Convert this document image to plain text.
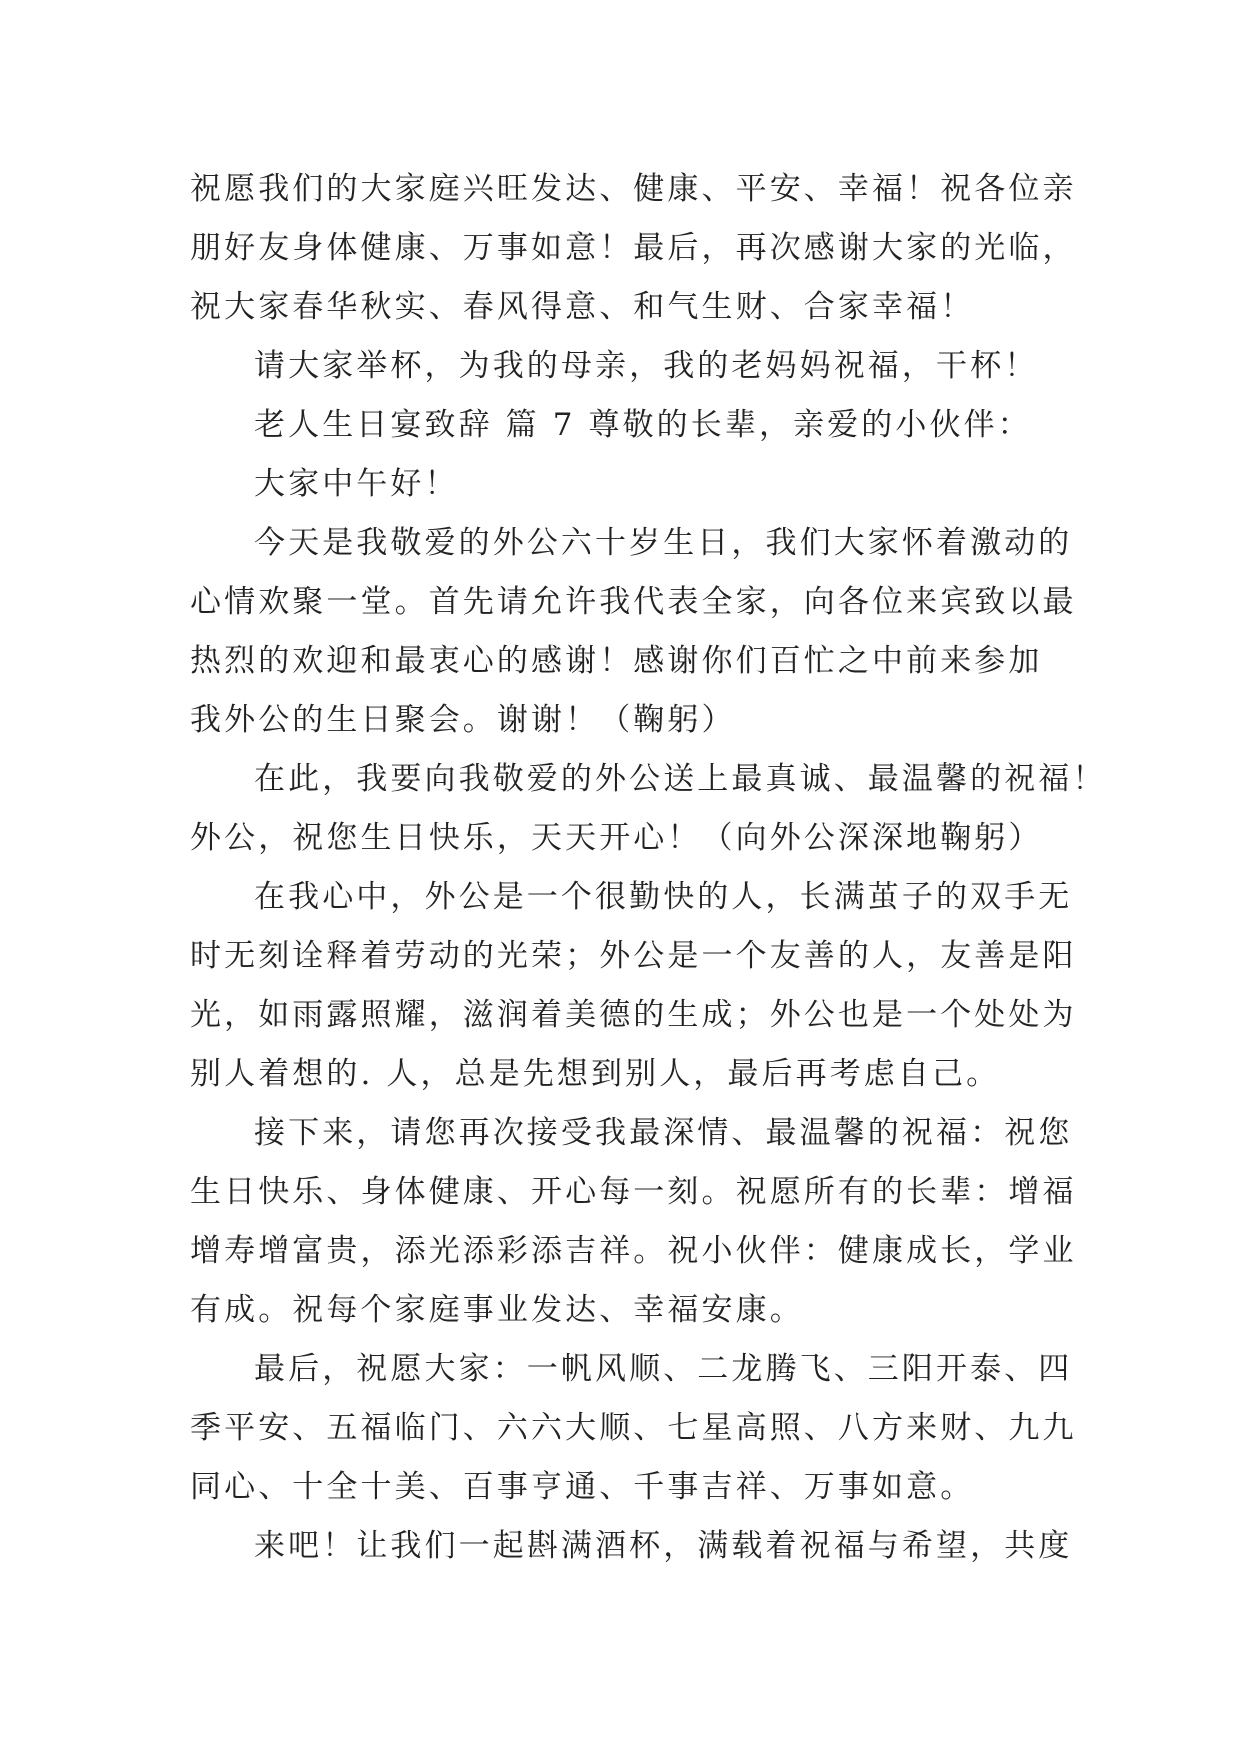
祝愿我们的大家庭兴旺发达、健康、平安、幸福！祝各位亲
朋好友身体健康、万事如意！最后，再次感谢大家的光临，
祝大家春华秋实、春风得意、和气生财、合家幸福！
请大家举杯，为我的母亲，我的老妈妈祝福，干杯！
老人生日宴致辞 篇 7 尊敬的长辈，亲爱的小伙伴：
大家中午好！
今天是我敬爱的外公六十岁生日，我们大家怀着激动的
心情欢聚一堂。首先请允许我代表全家，向各位来宾致以最
热烈的欢迎和最衷心的感谢！感谢你们百忙之中前来参加
我外公的生日聚会。谢谢！（鞠躬）
在此，我要向我敬爱的外公送上最真诚、最温馨的祝福！
外公，祝您生日快乐，天天开心！（向外公深深地鞠躬）
在我心中，外公是一个很勤快的人，长满茧子的双手无
时无刻诠释着劳动的光荣；外公是一个友善的人，友善是阳
光，如雨露照耀，滋润着美德的生成；外公也是一个处处为
别人着想的. 人，总是先想到别人，最后再考虑自己。
接下来，请您再次接受我最深情、最温馨的祝福：祝您
生日快乐、身体健康、开心每一刻。祝愿所有的长辈：增福
增寿增富贵，添光添彩添吉祥。祝小伙伴：健康成长，学业
有成。祝每个家庭事业发达、幸福安康。
最后，祝愿大家：一帆风顺、二龙腾飞、三阳开泰、四
季平安、五福临门、六六大顺、七星高照、八方来财、九九
同心、十全十美、百事亨通、千事吉祥、万事如意。
来吧！让我们一起斟满酒杯，满载着祝福与希望，共度
